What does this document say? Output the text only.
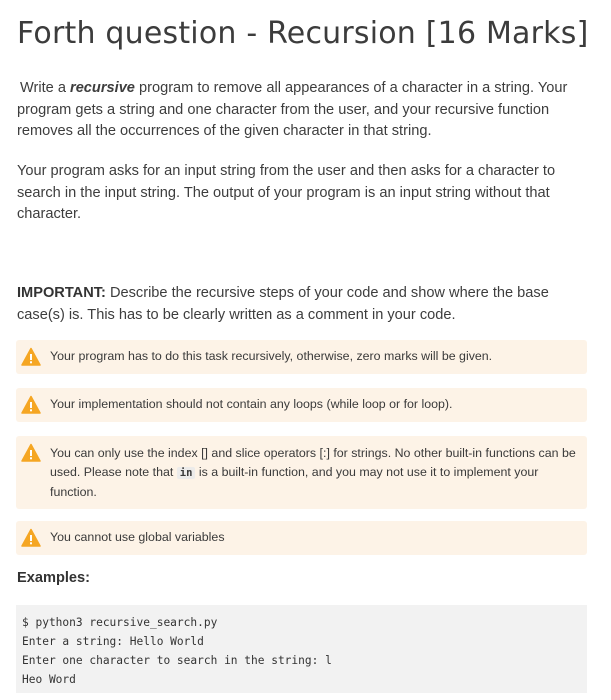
Forth question - Recursion [16 Marks]
Write a recursive program to remove all appearances of a character in a string. Your program gets a string and one character from the user, and your recursive function removes all the occurrences of the given character in that string.
Your program asks for an input string from the user and then asks for a character to search in the input string. The output of your program is an input string without that character.
IMPORTANT: Describe the recursive steps of your code and show where the base case(s) is. This has to be clearly written as a comment in your code.
Your program has to do this task recursively, otherwise, zero marks will be given.
Your implementation should not contain any loops (while loop or for loop).
You can only use the index [] and slice operators [:] for strings. No other built-in functions can be used. Please note that in is a built-in function, and you may not use it to implement your function.
You cannot use global variables
Examples:
$ python3 recursive_search.py
Enter a string: Hello World
Enter one character to search in the string: l
Heo Word
